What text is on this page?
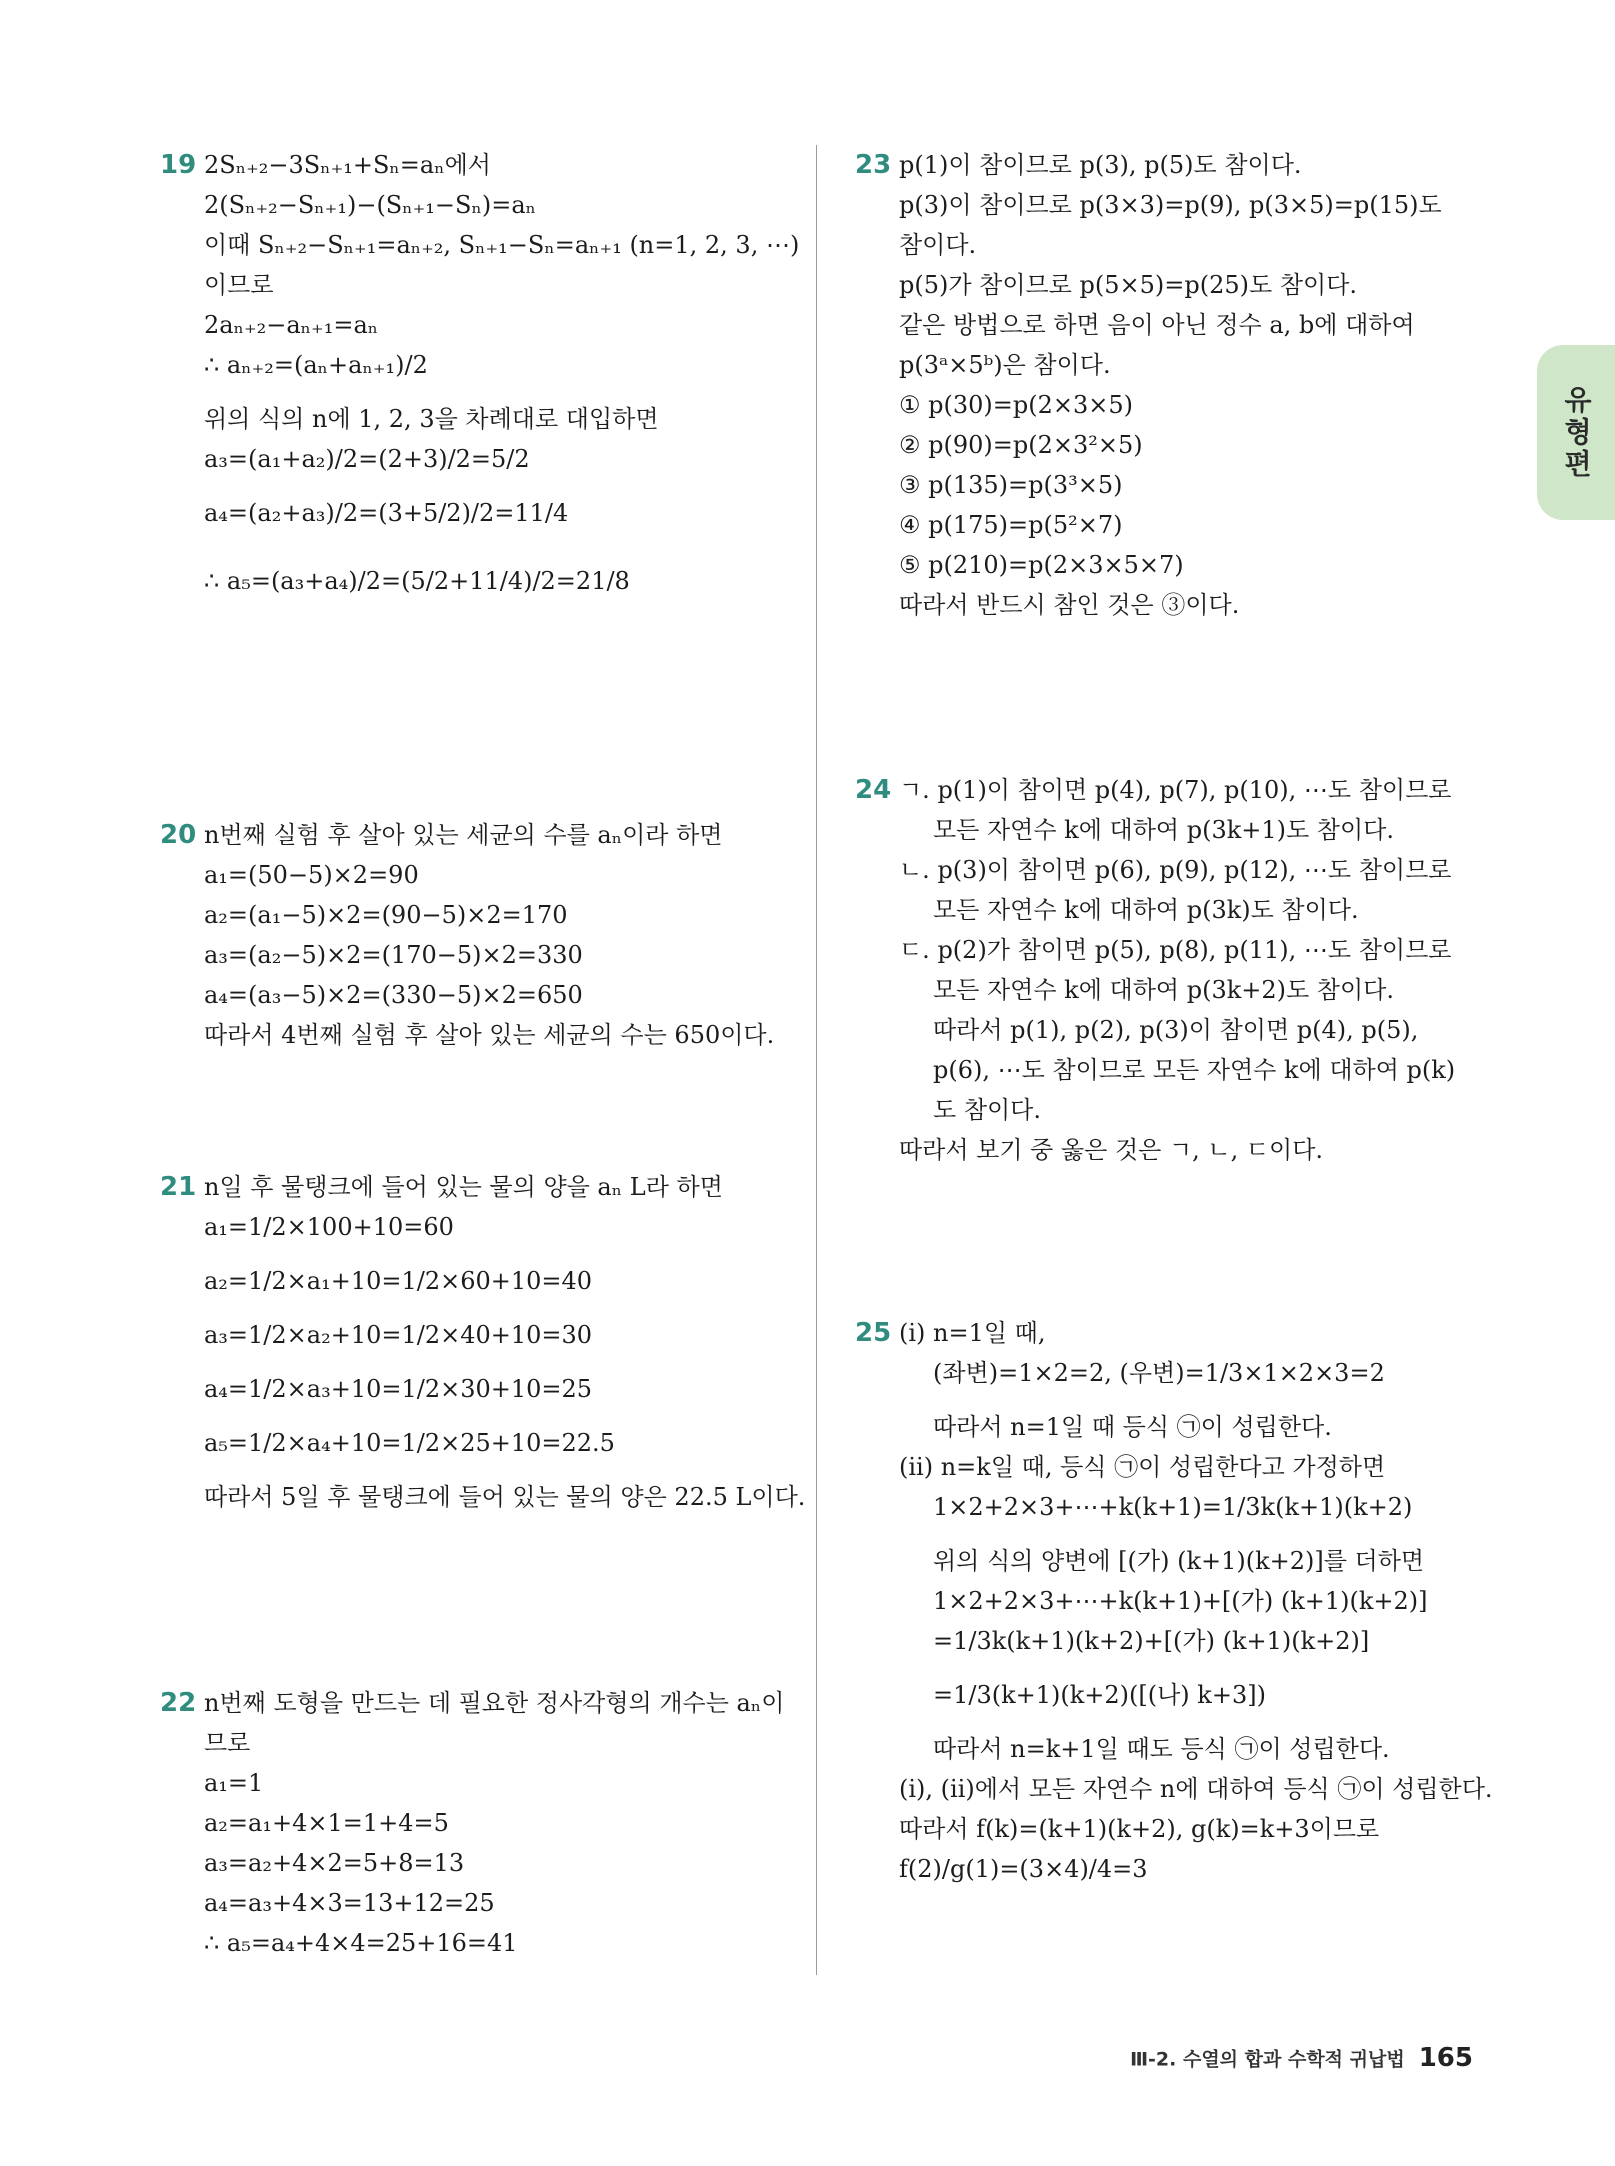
19 2Sₙ₊₂−3Sₙ₊₁+Sₙ=aₙ에서
2(Sₙ₊₂−Sₙ₊₁)−(Sₙ₊₁−Sₙ)=aₙ
이때 Sₙ₊₂−Sₙ₊₁=aₙ₊₂, Sₙ₊₁−Sₙ=aₙ₊₁ (n=1, 2, 3, ⋯)
이므로
2aₙ₊₂−aₙ₊₁=aₙ
∴ aₙ₊₂=(aₙ+aₙ₊₁)/2
위의 식의 n에 1, 2, 3을 차례대로 대입하면
a₃=(a₁+a₂)/2=(2+3)/2=5/2
a₄=(a₂+a₃)/2=(3+5/2)/2=11/4
∴ a₅=(a₃+a₄)/2=(5/2+11/4)/2=21/8
20 n번째 실험 후 살아 있는 세균의 수를 aₙ이라 하면
a₁=(50−5)×2=90
a₂=(a₁−5)×2=(90−5)×2=170
a₃=(a₂−5)×2=(170−5)×2=330
a₄=(a₃−5)×2=(330−5)×2=650
따라서 4번째 실험 후 살아 있는 세균의 수는 650이다.
21 n일 후 물탱크에 들어 있는 물의 양을 aₙ L라 하면
a₁=1/2×100+10=60
a₂=1/2×a₁+10=1/2×60+10=40
a₃=1/2×a₂+10=1/2×40+10=30
a₄=1/2×a₃+10=1/2×30+10=25
a₅=1/2×a₄+10=1/2×25+10=22.5
따라서 5일 후 물탱크에 들어 있는 물의 양은 22.5 L이다.
22 n번째 도형을 만드는 데 필요한 정사각형의 개수는 aₙ이
므로
a₁=1
a₂=a₁+4×1=1+4=5
a₃=a₂+4×2=5+8=13
a₄=a₃+4×3=13+12=25
∴ a₅=a₄+4×4=25+16=41
23 p(1)이 참이므로 p(3), p(5)도 참이다.
p(3)이 참이므로 p(3×3)=p(9), p(3×5)=p(15)도
참이다.
p(5)가 참이므로 p(5×5)=p(25)도 참이다.
같은 방법으로 하면 음이 아닌 정수 a, b에 대하여
p(3ᵃ×5ᵇ)은 참이다.
① p(30)=p(2×3×5)
② p(90)=p(2×3²×5)
③ p(135)=p(3³×5)
④ p(175)=p(5²×7)
⑤ p(210)=p(2×3×5×7)
따라서 반드시 참인 것은 ③이다.
24 ㄱ. p(1)이 참이면 p(4), p(7), p(10), ⋯도 참이므로
모든 자연수 k에 대하여 p(3k+1)도 참이다.
ㄴ. p(3)이 참이면 p(6), p(9), p(12), ⋯도 참이므로
모든 자연수 k에 대하여 p(3k)도 참이다.
ㄷ. p(2)가 참이면 p(5), p(8), p(11), ⋯도 참이므로
모든 자연수 k에 대하여 p(3k+2)도 참이다.
따라서 p(1), p(2), p(3)이 참이면 p(4), p(5),
p(6), ⋯도 참이므로 모든 자연수 k에 대하여 p(k)
도 참이다.
따라서 보기 중 옳은 것은 ㄱ, ㄴ, ㄷ이다.
25 (ⅰ) n=1일 때,
(좌변)=1×2=2, (우변)=1/3×1×2×3=2
따라서 n=1일 때 등식 ㉠이 성립한다.
(ⅱ) n=k일 때, 등식 ㉠이 성립한다고 가정하면
1×2+2×3+⋯+k(k+1)=1/3k(k+1)(k+2)
위의 식의 양변에 [(가) (k+1)(k+2)]를 더하면
1×2+2×3+⋯+k(k+1)+[(가) (k+1)(k+2)]
=1/3k(k+1)(k+2)+[(가) (k+1)(k+2)]
=1/3(k+1)(k+2)([(나) k+3])
따라서 n=k+1일 때도 등식 ㉠이 성립한다.
(ⅰ), (ⅱ)에서 모든 자연수 n에 대하여 등식 ㉠이 성립한다.
따라서 f(k)=(k+1)(k+2), g(k)=k+3이므로
f(2)/g(1)=(3×4)/4=3
유형편
Ⅲ-2. 수열의 합과 수학적 귀납법 165
